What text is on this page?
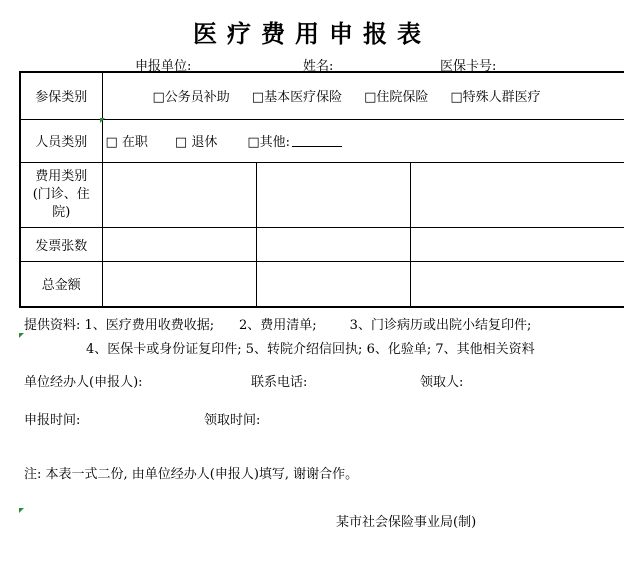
医疗费用申报表
申报单位:	姓名:	医保卡号:
参保类别	□公务员补助 □基本医疗保险 □住院保险 □特殊人群医疗		

人员类别	□ 在职 □ 退休 □其他:		

费用类别
(门诊、住
院)			

发票张数			
总金额			
提供资料: 1、医疗费用收费收据;      2、费用清单;        3、门诊病历或出院小结复印件;
4、医保卡或身份证复印件; 5、转院介绍信回执; 6、化验单; 7、其他相关资料
单位经办人(申报人):	联系电话:	领取人:
申报时间:	领取时间:
注: 本表一式二份, 由单位经办人(申报人)填写, 谢谢合作。
某市社会保险事业局(制)
